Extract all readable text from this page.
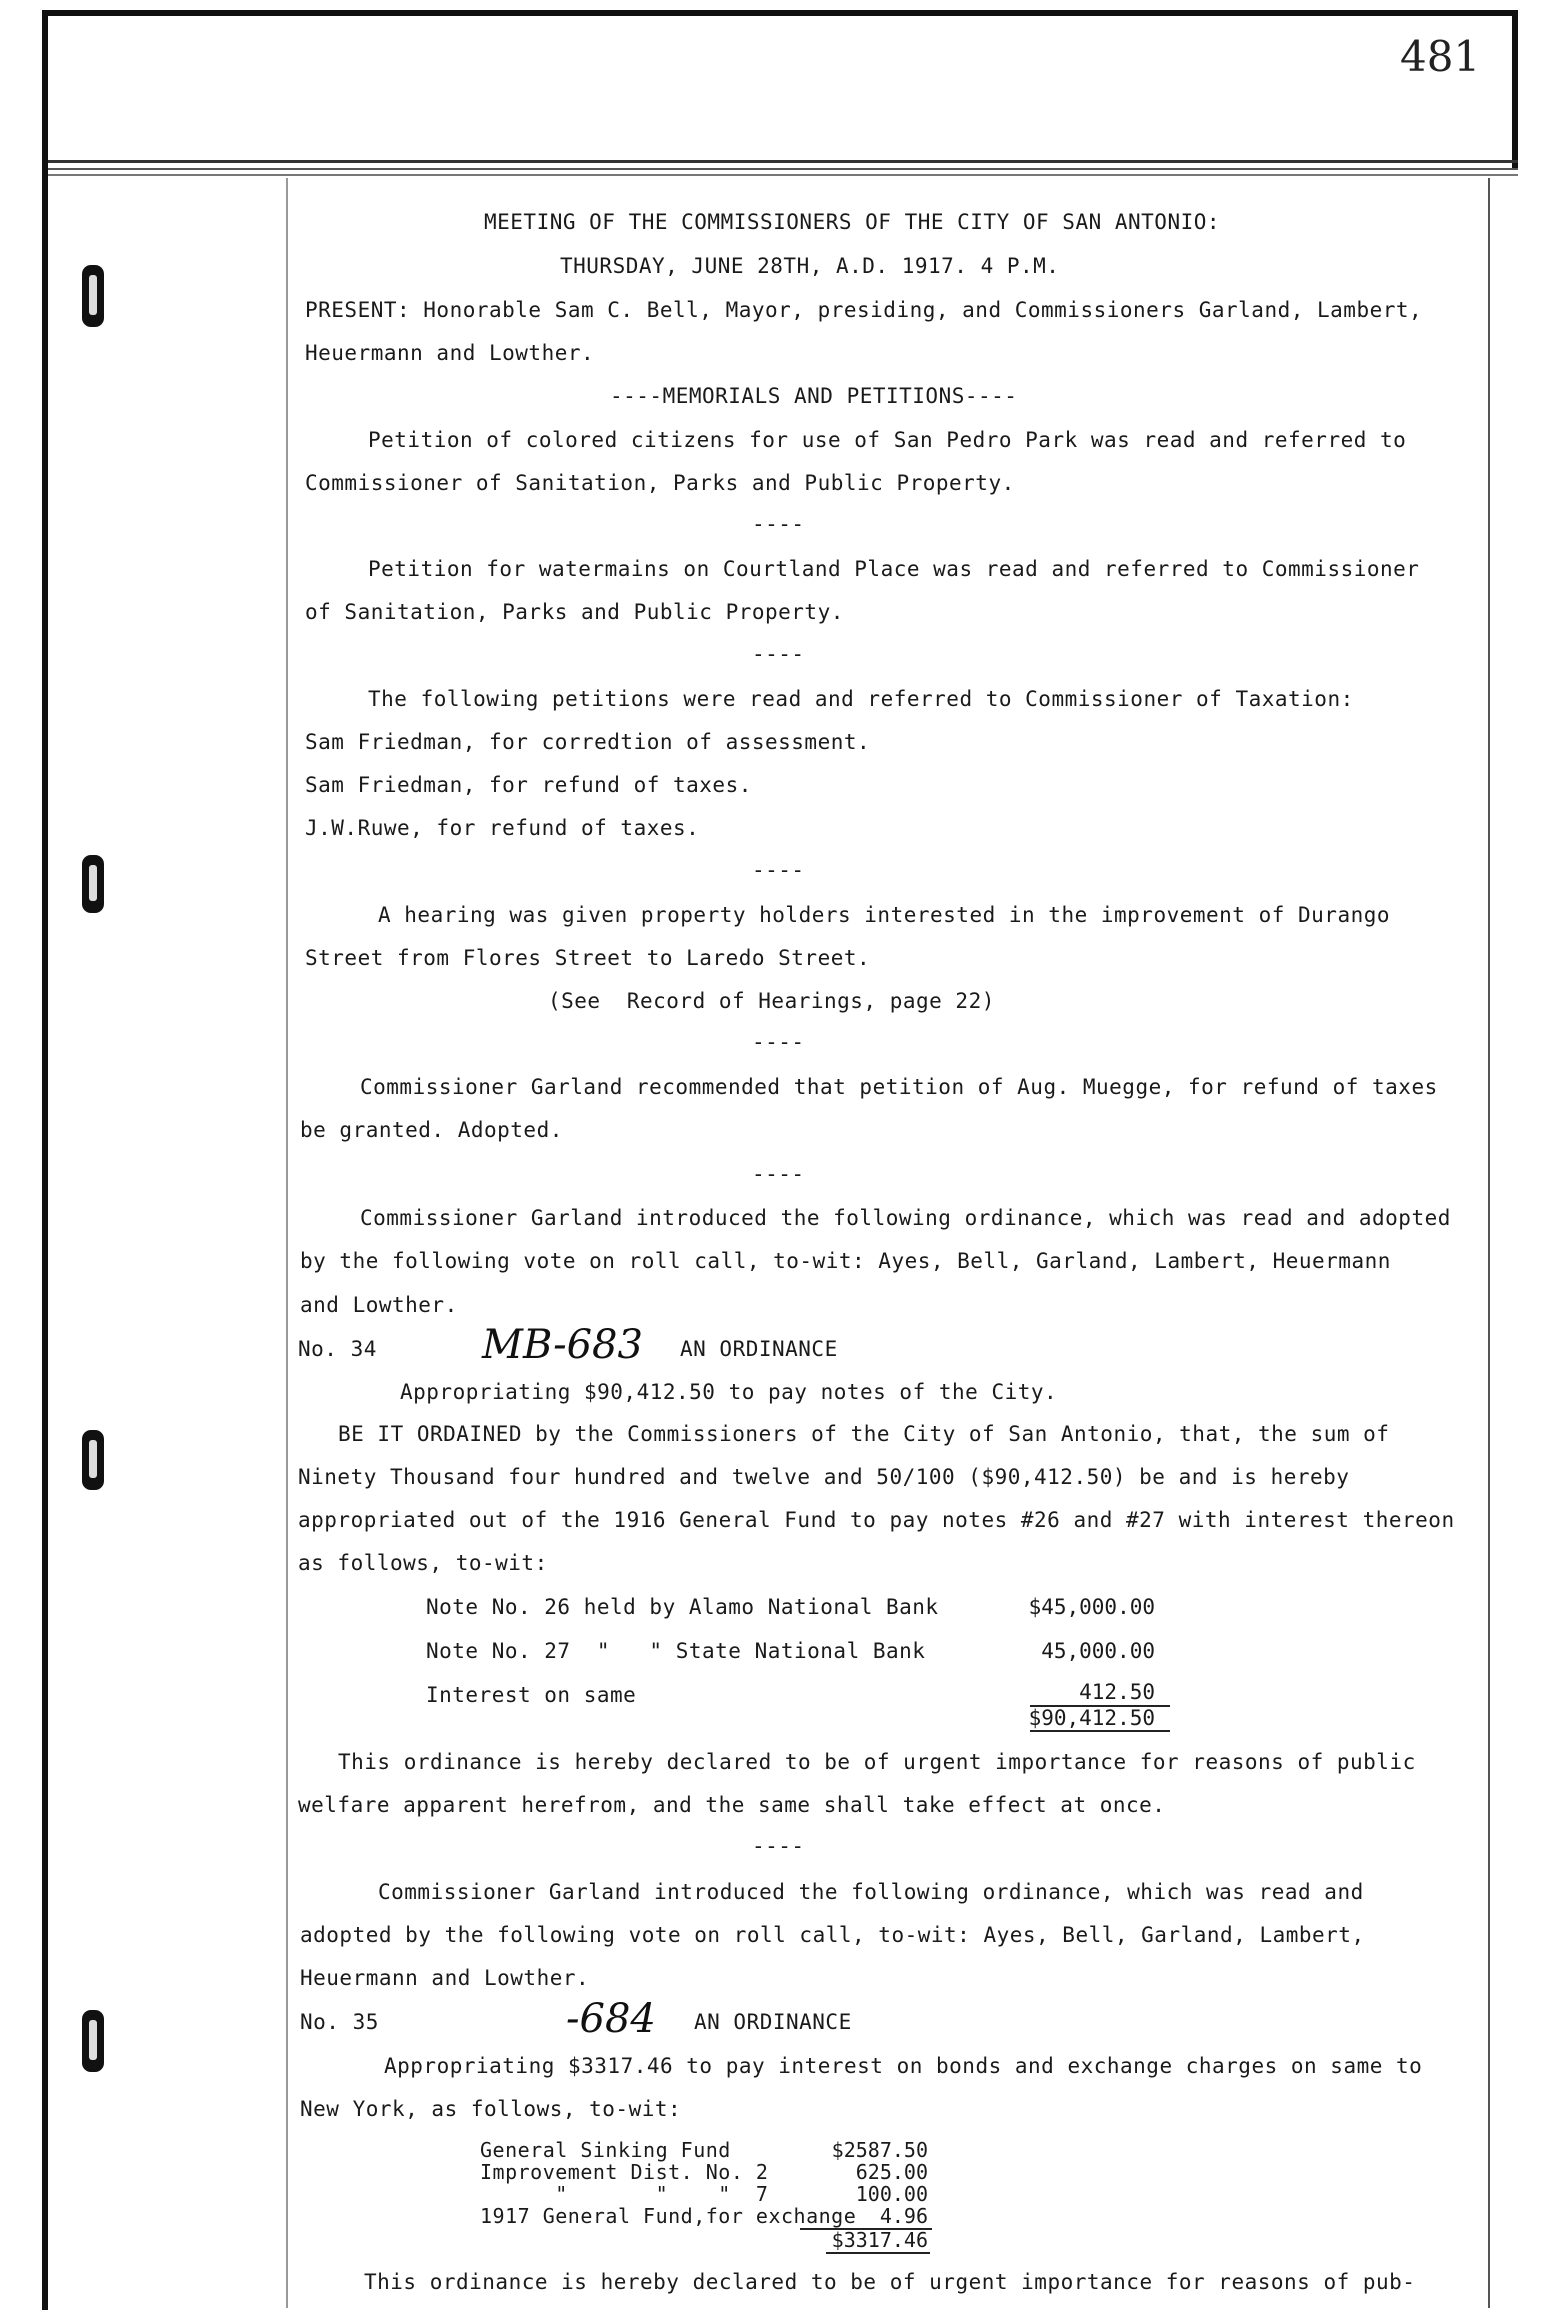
481
MEETING OF THE COMMISSIONERS OF THE CITY OF SAN ANTONIO:
THURSDAY, JUNE 28TH, A.D. 1917. 4 P.M.
PRESENT: Honorable Sam C. Bell, Mayor, presiding, and Commissioners Garland, Lambert,
Heuermann and Lowther.
----MEMORIALS AND PETITIONS----
Petition of colored citizens for use of San Pedro Park was read and referred to
Commissioner of Sanitation, Parks and Public Property.
----
Petition for watermains on Courtland Place was read and referred to Commissioner
of Sanitation, Parks and Public Property.
----
The following petitions were read and referred to Commissioner of Taxation:
Sam Friedman, for corredtion of assessment.
Sam Friedman, for refund of taxes.
J.W.Ruwe, for refund of taxes.
----
A hearing was given property holders interested in the improvement of Durango
Street from Flores Street to Laredo Street.
(See  Record of Hearings, page 22)
----
Commissioner Garland recommended that petition of Aug. Muegge, for refund of taxes
be granted. Adopted.
----
Commissioner Garland introduced the following ordinance, which was read and adopted
by the following vote on roll call, to-wit: Ayes, Bell, Garland, Lambert, Heuermann
and Lowther.
No. 34	MB-683 AN ORDINANCE
Appropriating $90,412.50 to pay notes of the City.
BE IT ORDAINED by the Commissioners of the City of San Antonio, that, the sum of
Ninety Thousand four hundred and twelve and 50/100 ($90,412.50) be and is hereby
appropriated out of the 1916 General Fund to pay notes #26 and #27 with interest thereon
as follows, to-wit:
Note No. 26 held by Alamo National Bank	$45,000.00
Note No. 27  "   " State National Bank	45,000.00
Interest on same	412.50
$90,412.50
This ordinance is hereby declared to be of urgent importance for reasons of public
welfare apparent herefrom, and the same shall take effect at once.
----
Commissioner Garland introduced the following ordinance, which was read and
adopted by the following vote on roll call, to-wit: Ayes, Bell, Garland, Lambert,
Heuermann and Lowther.
No. 35	-684 AN ORDINANCE
Appropriating $3317.46 to pay interest on bonds and exchange charges on same to
New York, as follows, to-wit:
General Sinking Fund	$2587.50
Improvement Dist. No. 2	625.00
"       "    "  7	100.00
1917 General Fund,for exchange	4.96
$3317.46
This ordinance is hereby declared to be of urgent importance for reasons of pub-
